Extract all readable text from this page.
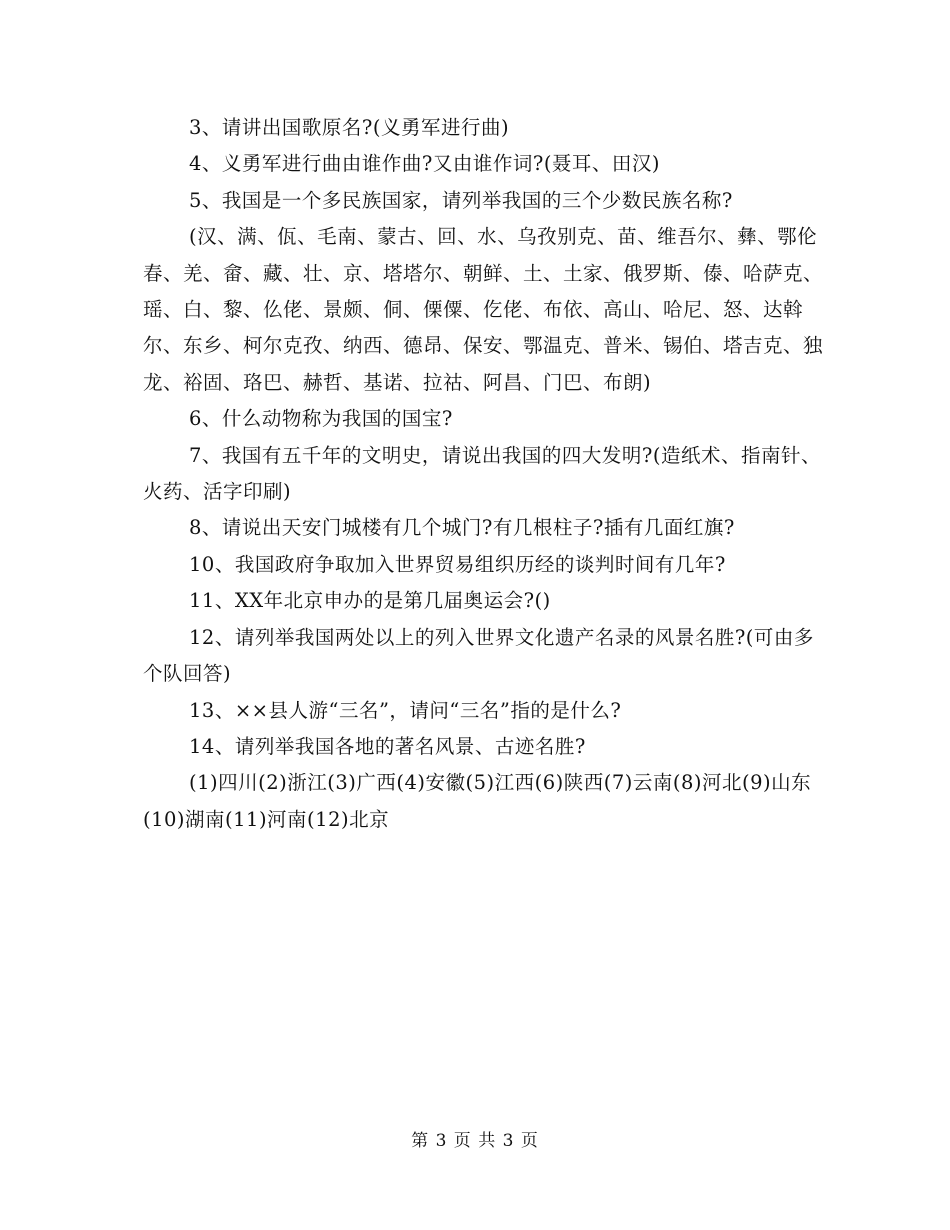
3、请讲出国歌原名?(义勇军进行曲)

4、义勇军进行曲由谁作曲?又由谁作词?(聂耳、田汉)

5、我国是一个多民族国家，请列举我国的三个少数民族名称?

(汉、满、佤、毛南、蒙古、回、水、乌孜别克、苗、维吾尔、彝、鄂伦春、羌、畲、藏、壮、京、塔塔尔、朝鲜、土、土家、俄罗斯、傣、哈萨克、瑶、白、黎、仫佬、景颇、侗、傈僳、仡佬、布依、高山、哈尼、怒、达斡尔、东乡、柯尔克孜、纳西、德昂、保安、鄂温克、普米、锡伯、塔吉克、独龙、裕固、珞巴、赫哲、基诺、拉祜、阿昌、门巴、布朗)

6、什么动物称为我国的国宝?

7、我国有五千年的文明史，请说出我国的四大发明?(造纸术、指南针、火药、活字印刷)

8、请说出天安门城楼有几个城门?有几根柱子?插有几面红旗?

10、我国政府争取加入世界贸易组织历经的谈判时间有几年?

11、XX年北京申办的是第几届奥运会?()

12、请列举我国两处以上的列入世界文化遗产名录的风景名胜?(可由多个队回答)

13、××县人游“三名”，请问“三名”指的是什么?

14、请列举我国各地的著名风景、古迹名胜?

(1)四川(2)浙江(3)广西(4)安徽(5)江西(6)陕西(7)云南(8)河北(9)山东(10)湖南(11)河南(12)北京

第 3 页 共 3 页
